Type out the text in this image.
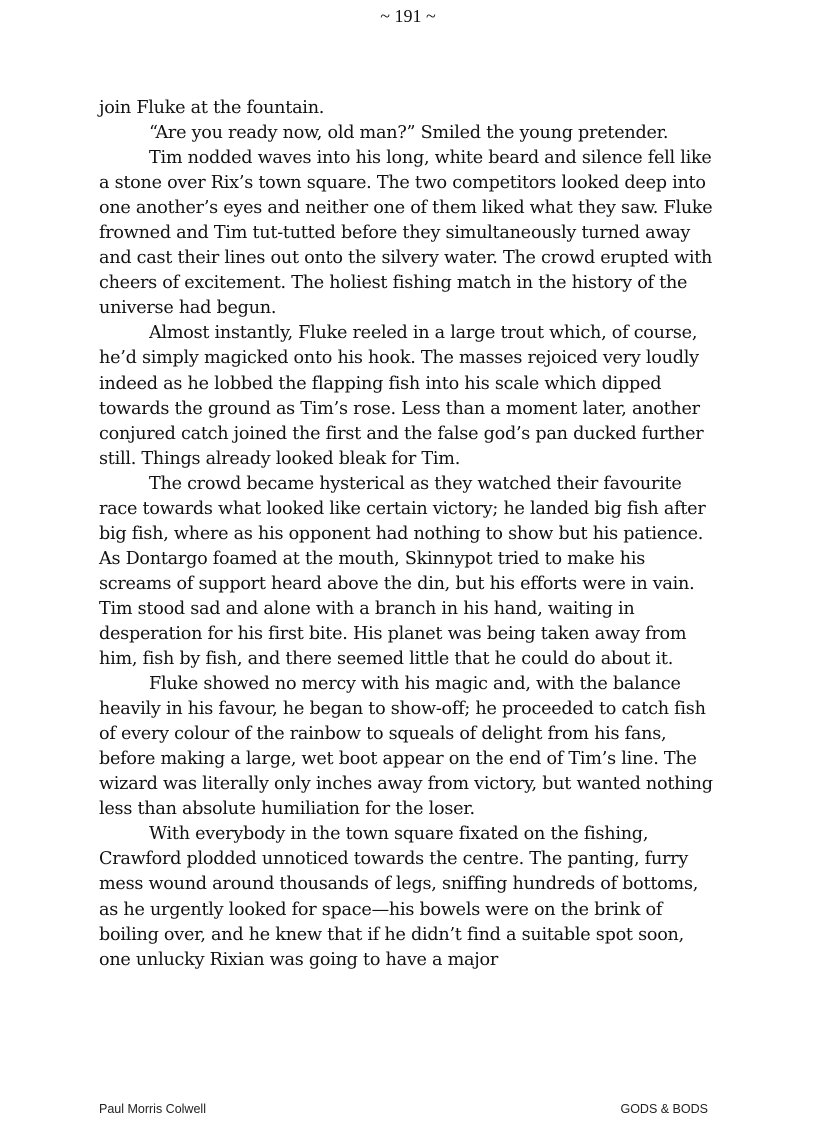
~ 191 ~

join Fluke at the fountain.

“Are you ready now, old man?” Smiled the young pretender.

Tim nodded waves into his long, white beard and silence fell like a stone over Rix’s town square. The two competitors looked deep into one another’s eyes and neither one of them liked what they saw. Fluke frowned and Tim tut-tutted before they simultaneously turned away and cast their lines out onto the silvery water. The crowd erupted with cheers of excitement. The holiest fishing match in the history of the universe had begun.

Almost instantly, Fluke reeled in a large trout which, of course, he’d simply magicked onto his hook. The masses rejoiced very loudly indeed as he lobbed the flapping fish into his scale which dipped towards the ground as Tim’s rose. Less than a moment later, another conjured catch joined the first and the false god’s pan ducked further still. Things already looked bleak for Tim.

The crowd became hysterical as they watched their favourite race towards what looked like certain victory; he landed big fish after big fish, where as his opponent had nothing to show but his patience. As Dontargo foamed at the mouth, Skinnypot tried to make his screams of support heard above the din, but his efforts were in vain. Tim stood sad and alone with a branch in his hand, waiting in desperation for his first bite. His planet was being taken away from him, fish by fish, and there seemed little that he could do about it.

Fluke showed no mercy with his magic and, with the balance heavily in his favour, he began to show-off; he proceeded to catch fish of every colour of the rainbow to squeals of delight from his fans, before making a large, wet boot appear on the end of Tim’s line. The wizard was literally only inches away from victory, but wanted nothing less than absolute humiliation for the loser.

With everybody in the town square fixated on the fishing, Crawford plodded unnoticed towards the centre. The panting, furry mess wound around thousands of legs, sniffing hundreds of bottoms, as he urgently looked for space—his bowels were on the brink of boiling over, and he knew that if he didn’t find a suitable spot soon, one unlucky Rixian was going to have a major

Paul Morris Colwell	GODS & BODS
